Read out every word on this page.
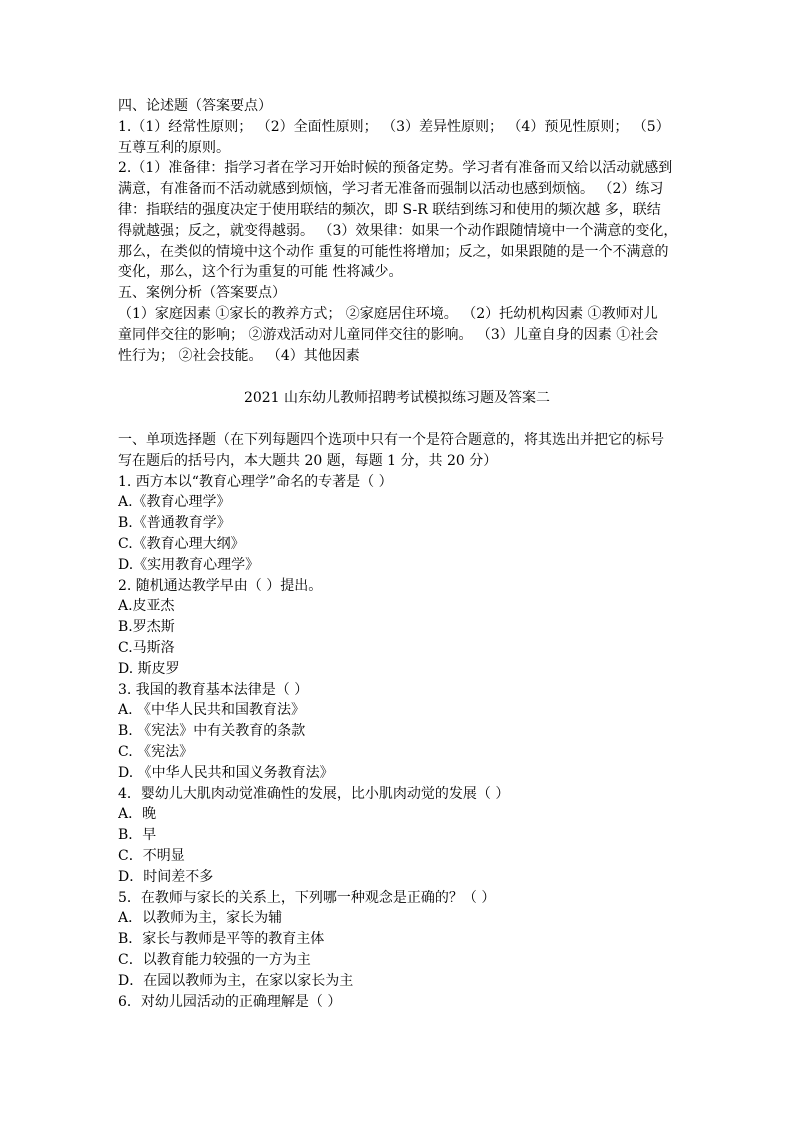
四、论述题（答案要点）
1.（1）经常性原则； （2）全面性原则； （3）差异性原则； （4）预见性原则； （5）
互尊互利的原则。
2.（1）准备律：指学习者在学习开始时候的预备定势。学习者有准备而又给以活动就感到
满意，有准备而不活动就感到烦恼，学习者无准备而强制以活动也感到烦恼。 （2）练习
律：指联结的强度决定于使用联结的频次，即 S-R 联结到练习和使用的频次越 多，联结
得就越强；反之，就变得越弱。 （3）效果律：如果一个动作跟随情境中一个满意的变化，
那么，在类似的情境中这个动作 重复的可能性将增加；反之，如果跟随的是一个不满意的
变化，那么，这个行为重复的可能 性将减少。
五、案例分析（答案要点）
（1）家庭因素 ①家长的教养方式； ②家庭居住环境。 （2）托幼机构因素 ①教师对儿
童同伴交往的影响； ②游戏活动对儿童同伴交往的影响。 （3）儿童自身的因素 ①社会
性行为； ②社会技能。 （4）其他因素
2021 山东幼儿教师招聘考试模拟练习题及答案二
一、单项选择题（在下列每题四个选项中只有一个是符合题意的，将其选出并把它的标号
写在题后的括号内，本大题共 20 题，每题 1 分，共 20 分）
1. 西方本以“教育心理学”命名的专著是（ ）
A.《教育心理学》
B.《普通教育学》
C.《教育心理大纲》
D.《实用教育心理学》
2. 随机通达教学早由（ ）提出。
A.皮亚杰
B.罗杰斯
C.马斯洛
D. 斯皮罗
3. 我国的教育基本法律是（ ）
A. 《中华人民共和国教育法》
B. 《宪法》中有关教育的条款
C. 《宪法》
D. 《中华人民共和国义务教育法》
4．婴幼儿大肌肉动觉准确性的发展，比小肌肉动觉的发展（ ）
A．晚
B．早
C．不明显
D．时间差不多
5．在教师与家长的关系上，下列哪一种观念是正确的？（ ）
A．以教师为主，家长为辅
B．家长与教师是平等的教育主体
C．以教育能力较强的一方为主
D．在园以教师为主，在家以家长为主
6．对幼儿园活动的正确理解是（ ）
